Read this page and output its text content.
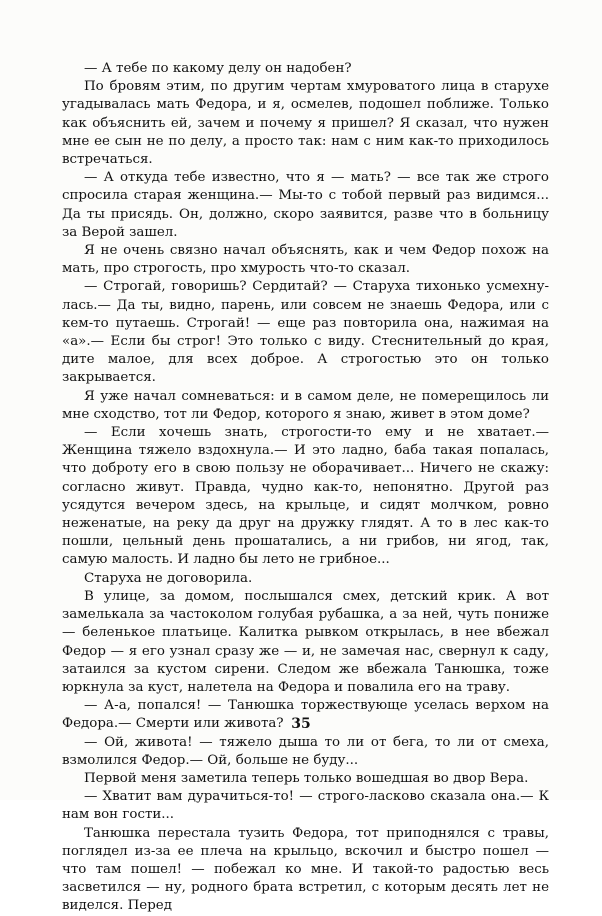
— А тебе по какому делу он надобен?

По бровям этим, по другим чертам хмуроватого лица в старухе угадывалась мать Федора, и я, осмелев, подошел поближе. Только как объяснить ей, зачем и почему я пришел? Я сказал, что нужен мне ее сын не по делу, а просто так: нам с ним как-то приходилось встречаться.

— А откуда тебе известно, что я — мать? — все так же строго спросила старая женщина.— Мы-то с тобой первый раз видимся... Да ты присядь. Он, должно, скоро заявится, разве что в больницу за Верой зашел.

Я не очень связно начал объяснять, как и чем Федор похож на мать, про строгость, про хмурость что-то сказал.

— Строгай, говоришь? Сердитай? — Старуха тихонько усмехнулась.— Да ты, видно, парень, или совсем не знаешь Федора, или с кем-то путаешь. Строгай! — еще раз повторила она, нажимая на «а».— Если бы строг! Это только с виду. Стеснительный до края, дите малое, для всех доброе. А строгостью это он только закрывается.

Я уже начал сомневаться: и в самом деле, не померещилось ли мне сходство, тот ли Федор, которого я знаю, живет в этом доме?

— Если хочешь знать, строгости-то ему и не хватает.— Женщина тяжело вздохнула.— И это ладно, баба такая попалась, что доброту его в свою пользу не оборачивает... Ничего не скажу: согласно живут. Правда, чудно как-то, непонятно. Другой раз усядутся вечером здесь, на крыльце, и сидят молчком, ровно неженатые, на реку да друг на дружку глядят. А то в лес как-то пошли, цельный день прошатались, а ни грибов, ни ягод, так, самую малость. И ладно бы лето не грибное...

Старуха не договорила.

В улице, за домом, послышался смех, детский крик. А вот замелькала за частоколом голубая рубашка, а за ней, чуть пониже — беленькое платьице. Калитка рывком открылась, в нее вбежал Федор — я его узнал сразу же — и, не замечая нас, свернул к саду, затаился за кустом сирени. Следом же вбежала Танюшка, тоже юркнула за куст, налетела на Федора и повалила его на траву.

— А-а, попался! — Танюшка торжествующе уселась верхом на Федора.— Смерти или живота?

— Ой, живота! — тяжело дыша то ли от бега, то ли от смеха, взмолился Федор.— Ой, больше не буду...

Первой меня заметила теперь только вошедшая во двор Вера.

— Хватит вам дурачиться-то! — строго-ласково сказала она.— К нам вон гости...

Танюшка перестала тузить Федора, тот приподнялся с травы, поглядел из-за ее плеча на крыльцо, вскочил и быстро пошел — что там пошел! — побежал ко мне. И такой-то радостью весь засветился — ну, родного брата встретил, с которым десять лет не виделся. Перед

35
